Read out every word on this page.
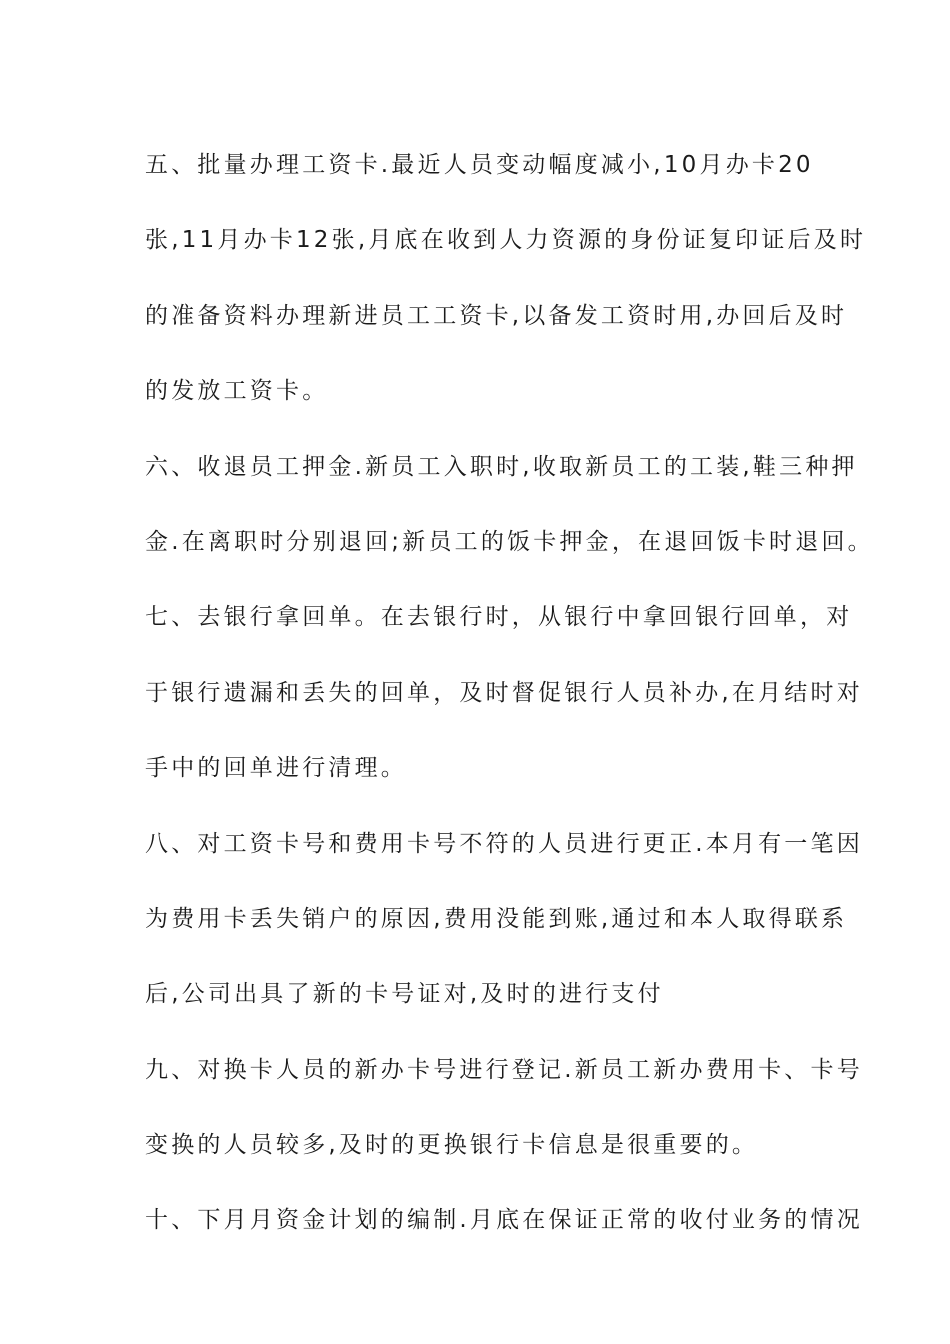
五、批量办理工资卡.最近人员变动幅度减小,10月办卡20
张,11月办卡12张,月底在收到人力资源的身份证复印证后及时
的准备资料办理新进员工工资卡,以备发工资时用,办回后及时
的发放工资卡。
六、收退员工押金.新员工入职时,收取新员工的工装,鞋三种押
金.在离职时分别退回;新员工的饭卡押金，在退回饭卡时退回。
七、去银行拿回单。在去银行时，从银行中拿回银行回单，对
于银行遗漏和丢失的回单，及时督促银行人员补办,在月结时对
手中的回单进行清理。
八、对工资卡号和费用卡号不符的人员进行更正.本月有一笔因
为费用卡丢失销户的原因,费用没能到账,通过和本人取得联系
后,公司出具了新的卡号证对,及时的进行支付
九、对换卡人员的新办卡号进行登记.新员工新办费用卡、卡号
变换的人员较多,及时的更换银行卡信息是很重要的。
十、下月月资金计划的编制.月底在保证正常的收付业务的情况
